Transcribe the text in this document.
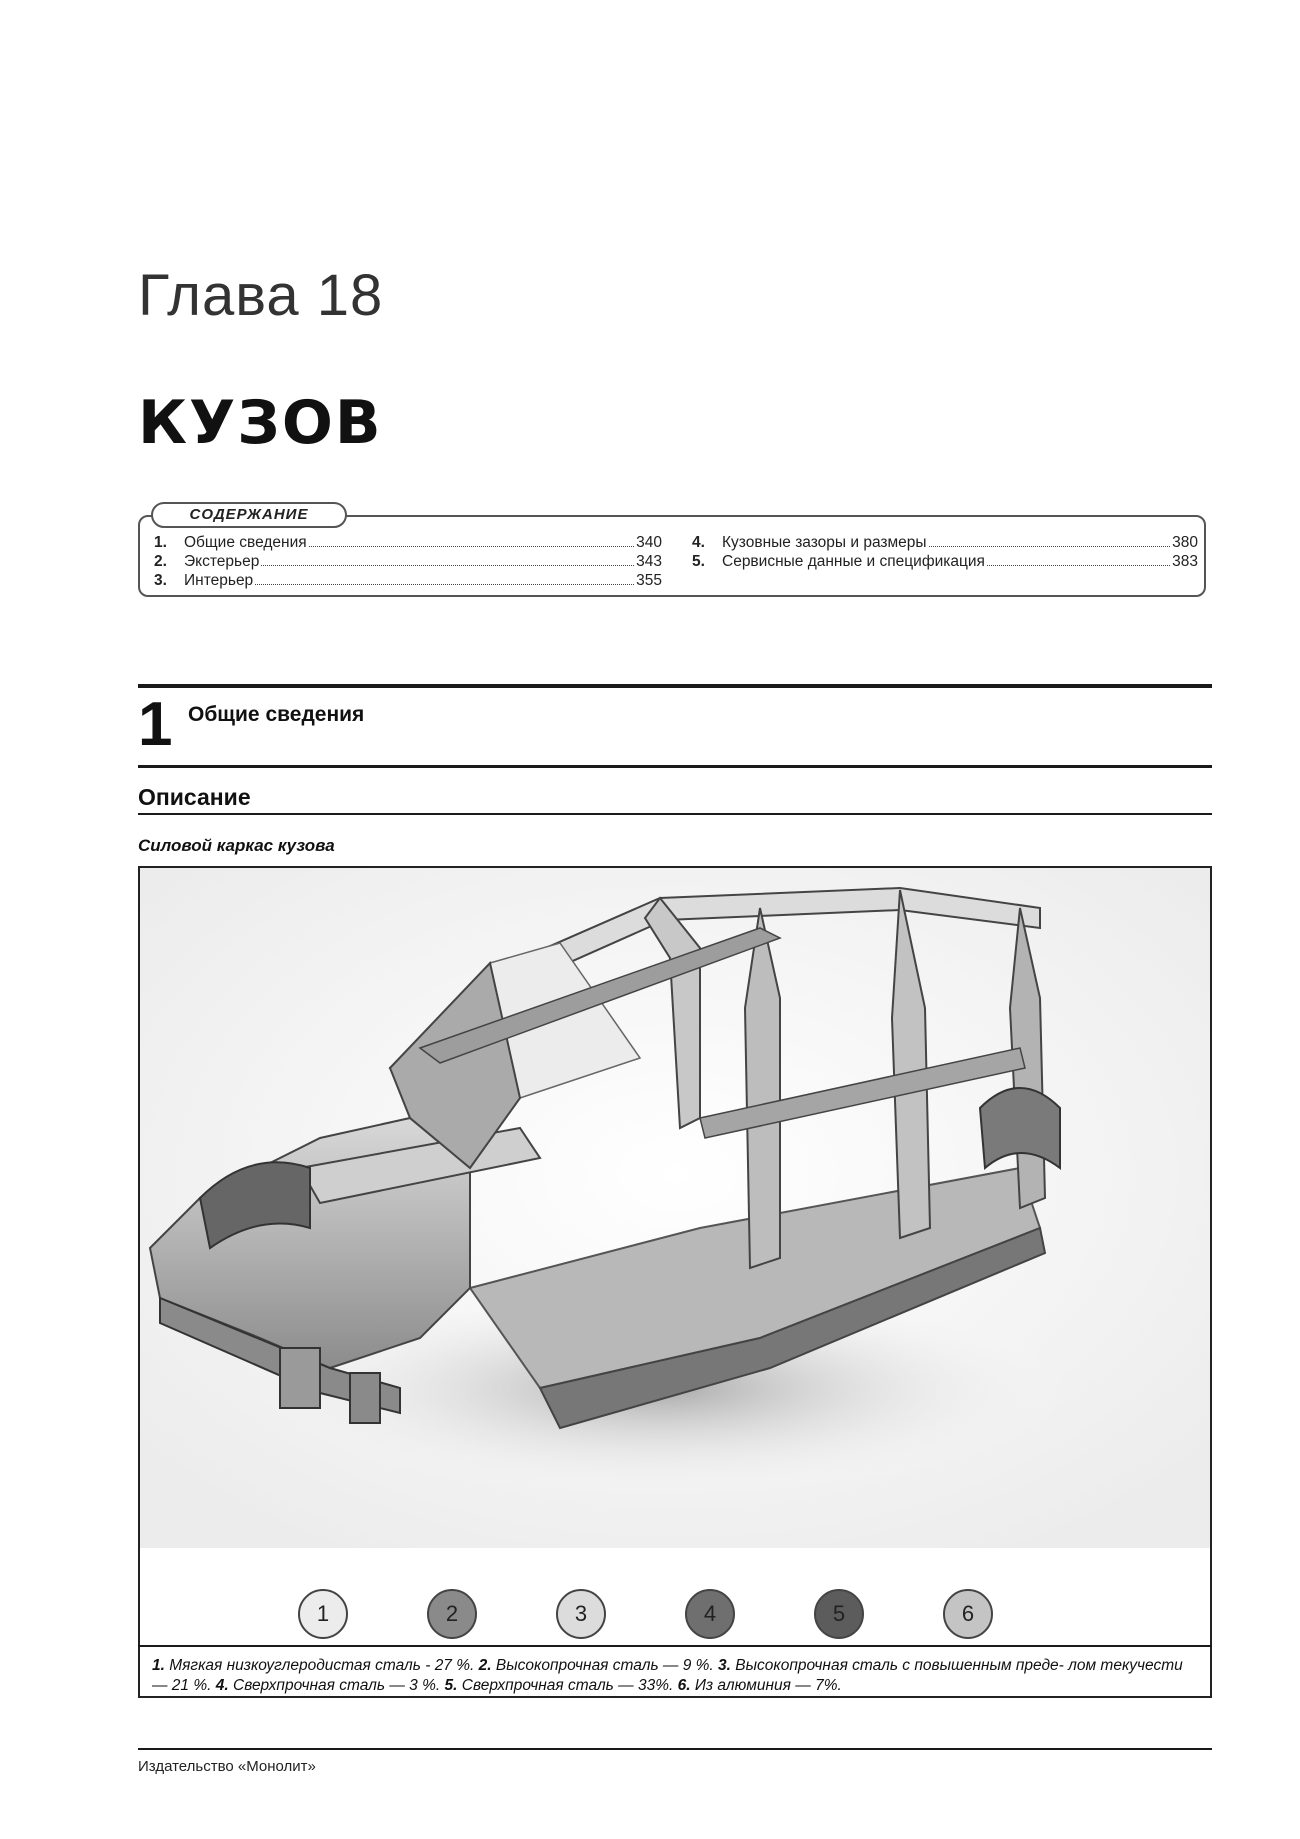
Глава 18
КУЗОВ
СОДЕРЖАНИЕ
1.	Общие сведения	340
2.	Экстерьер	343
3.	Интерьер	355
4.	Кузовные зазоры и размеры	380
5.	Сервисные данные и спецификация	383
1 Общие сведения
Описание
Силовой каркас кузова
1	2	3	4	5	6
1. Мягкая низкоуглеродистая сталь - 27 %. 2. Высокопрочная сталь — 9 %. 3. Высокопрочная сталь с повышенным преде- лом текучести — 21 %. 4. Сверхпрочная сталь — 3 %. 5. Сверхпрочная сталь — 33%. 6. Из алюминия — 7%.
Издательство «Монолит»
